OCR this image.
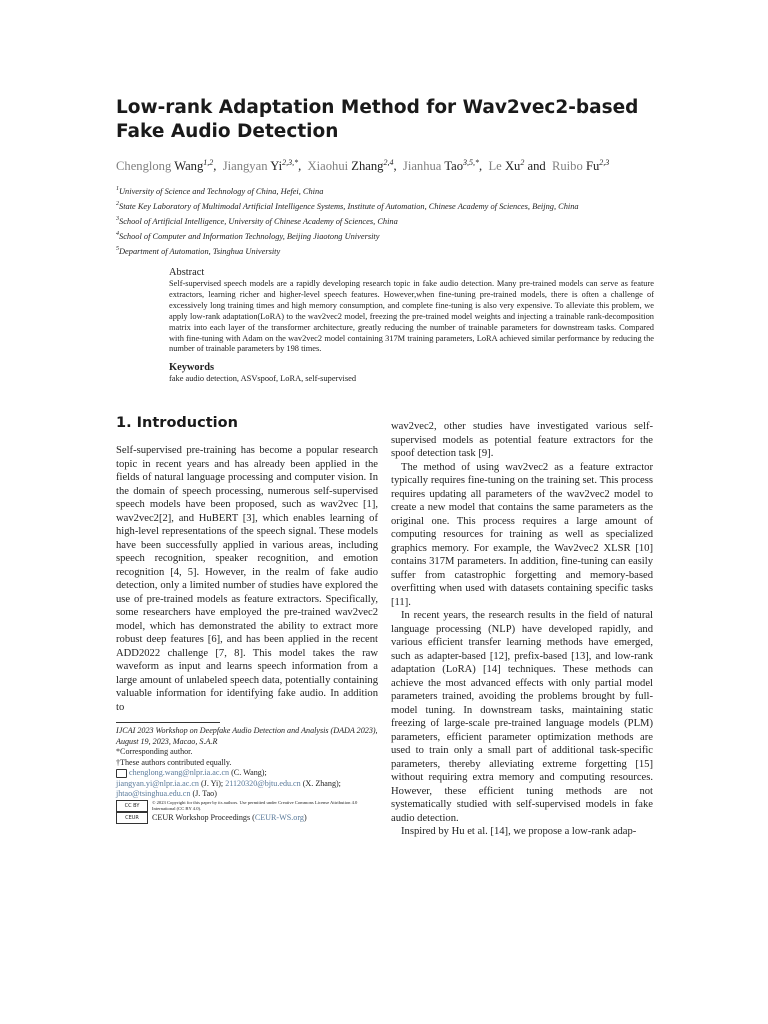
Low-rank Adaptation Method for Wav2vec2-based Fake Audio Detection
Chenglong Wang$^{1,2}$,  Jiangyan $Yi^{2,3,*}$,  Xiaohui Zhang$^{2,4}$,  Jianhua Tao$^{3,5,*}$,  Le Xu$^2$ and  Ruibo Fu$^{2,3}$
$^1$University of Science and Technology of China, Hefei, China
$^2$State Key Laboratory of Multimodal Artificial Intelligence Systems, Institute of Automation, Chinese Academy of Sciences, Beijng, China
$^3$School of Artificial Intelligence, University of Chinese Academy of Sciences, China
$^4$School of Computer and Information Technology, Beijing Jiaotong University
$^5$Department of Automation, Tsinghua University

Abstract

Self-supervised speech models are a rapidly developing research topic in fake audio detection. Many pre-trained models can serve as feature extractors, learning richer and higher-level speech features. However,when fine-tuning pre-trained models, there is often a challenge of excessively long training times and high memory consumption, and complete fine-tuning is also very expensive. To alleviate this problem, we apply low-rank adaptation(LoRA) to the wav2vec2 model, freezing the pre-trained model weights and injecting a trainable rank-decomposition matrix into each layer of the transformer architecture, greatly reducing the number of trainable parameters for downstream tasks. Compared with fine-tuning with Adam on the wav2vec2 model containing 317M training parameters, LoRA achieved similar performance by reducing the number of trainable parameters by 198 times.

Keywords

fake audio detection, ASVspoof, LoRA, self-supervised

1. Introduction

Self-supervised pre-training has become a popular research topic in recent years and has already been applied in the fields of natural language processing and computer vision. In the domain of speech processing, numerous self-supervised speech models have been proposed, such as wav2vec [1], wav2vec2[2], and HuBERT [3], which enables learning of high-level representations of the speech signal. These models have been successfully applied in various areas, including speech recognition, speaker recognition, and emotion recognition [4, 5]. However, in the realm of fake audio detection, only a limited number of studies have explored the use of pre-trained models as feature extractors. Specifically, some researchers have employed the pre-trained wav2vec2 model, which has demonstrated the ability to extract more robust deep features [6], and has been applied in the recent ADD2022 challenge [7, 8]. This model takes the raw waveform as input and learns speech information from a large amount of unlabeled speech data, potentially containing valuable information for identifying fake audio. In addition to

wav2vec2, other studies have investigated various self-supervised models as potential feature extractors for the spoof detection task [9].

The method of using wav2vec2 as a feature extractor typically requires fine-tuning on the training set. This process requires updating all parameters of the wav2vec2 model to create a new model that contains the same parameters as the original one. This process requires a large amount of computing resources for training as well as specialized graphics memory. For example, the Wav2vec2 XLSR [10] contains 317M parameters. In addition, fine-tuning can easily suffer from catastrophic forgetting and memory-based overfitting when used with datasets containing specific tasks [11].

In recent years, the research results in the field of natural language processing (NLP) have developed rapidly, and various efficient transfer learning methods have emerged, such as adapter-based [12], prefix-based [13], and low-rank adaptation (LoRA) [14] techniques. These methods can achieve the most advanced effects with only partial model parameters trained, avoiding the problems brought by full-model tuning. In downstream tasks, maintaining static freezing of large-scale pre-trained language models (PLM) parameters, efficient parameter optimization methods are used to train only a small part of additional task-specific parameters, thereby alleviating extreme forgetting [15] without requiring extra memory and computing resources. However, these efficient tuning methods are not systematically studied with self-supervised models in fake audio detection.

Inspired by Hu et al. [14], we propose a low-rank adap-

IJCAI 2023 Workshop on Deepfake Audio Detection and Analysis (DADA 2023), August 19, 2023, Macao, S.A.R

*Corresponding author.

†These authors contributed equally.

chenglong.wang@nlpr.ia.ac.cn (C. Wang);
jiangyan.yi@nlpr.ia.ac.cn (J. Yi); 21120320@bjtu.edu.cn (X. Zhang);
jhtao@tsinghua.edu.cn (J. Tao)

CC BY	© 2023 Copyright for this paper by its authors. Use permitted under Creative Commons License Attribution 4.0 International (CC BY 4.0).

CEUR CEUR Workshop Proceedings (CEUR-WS.org)
